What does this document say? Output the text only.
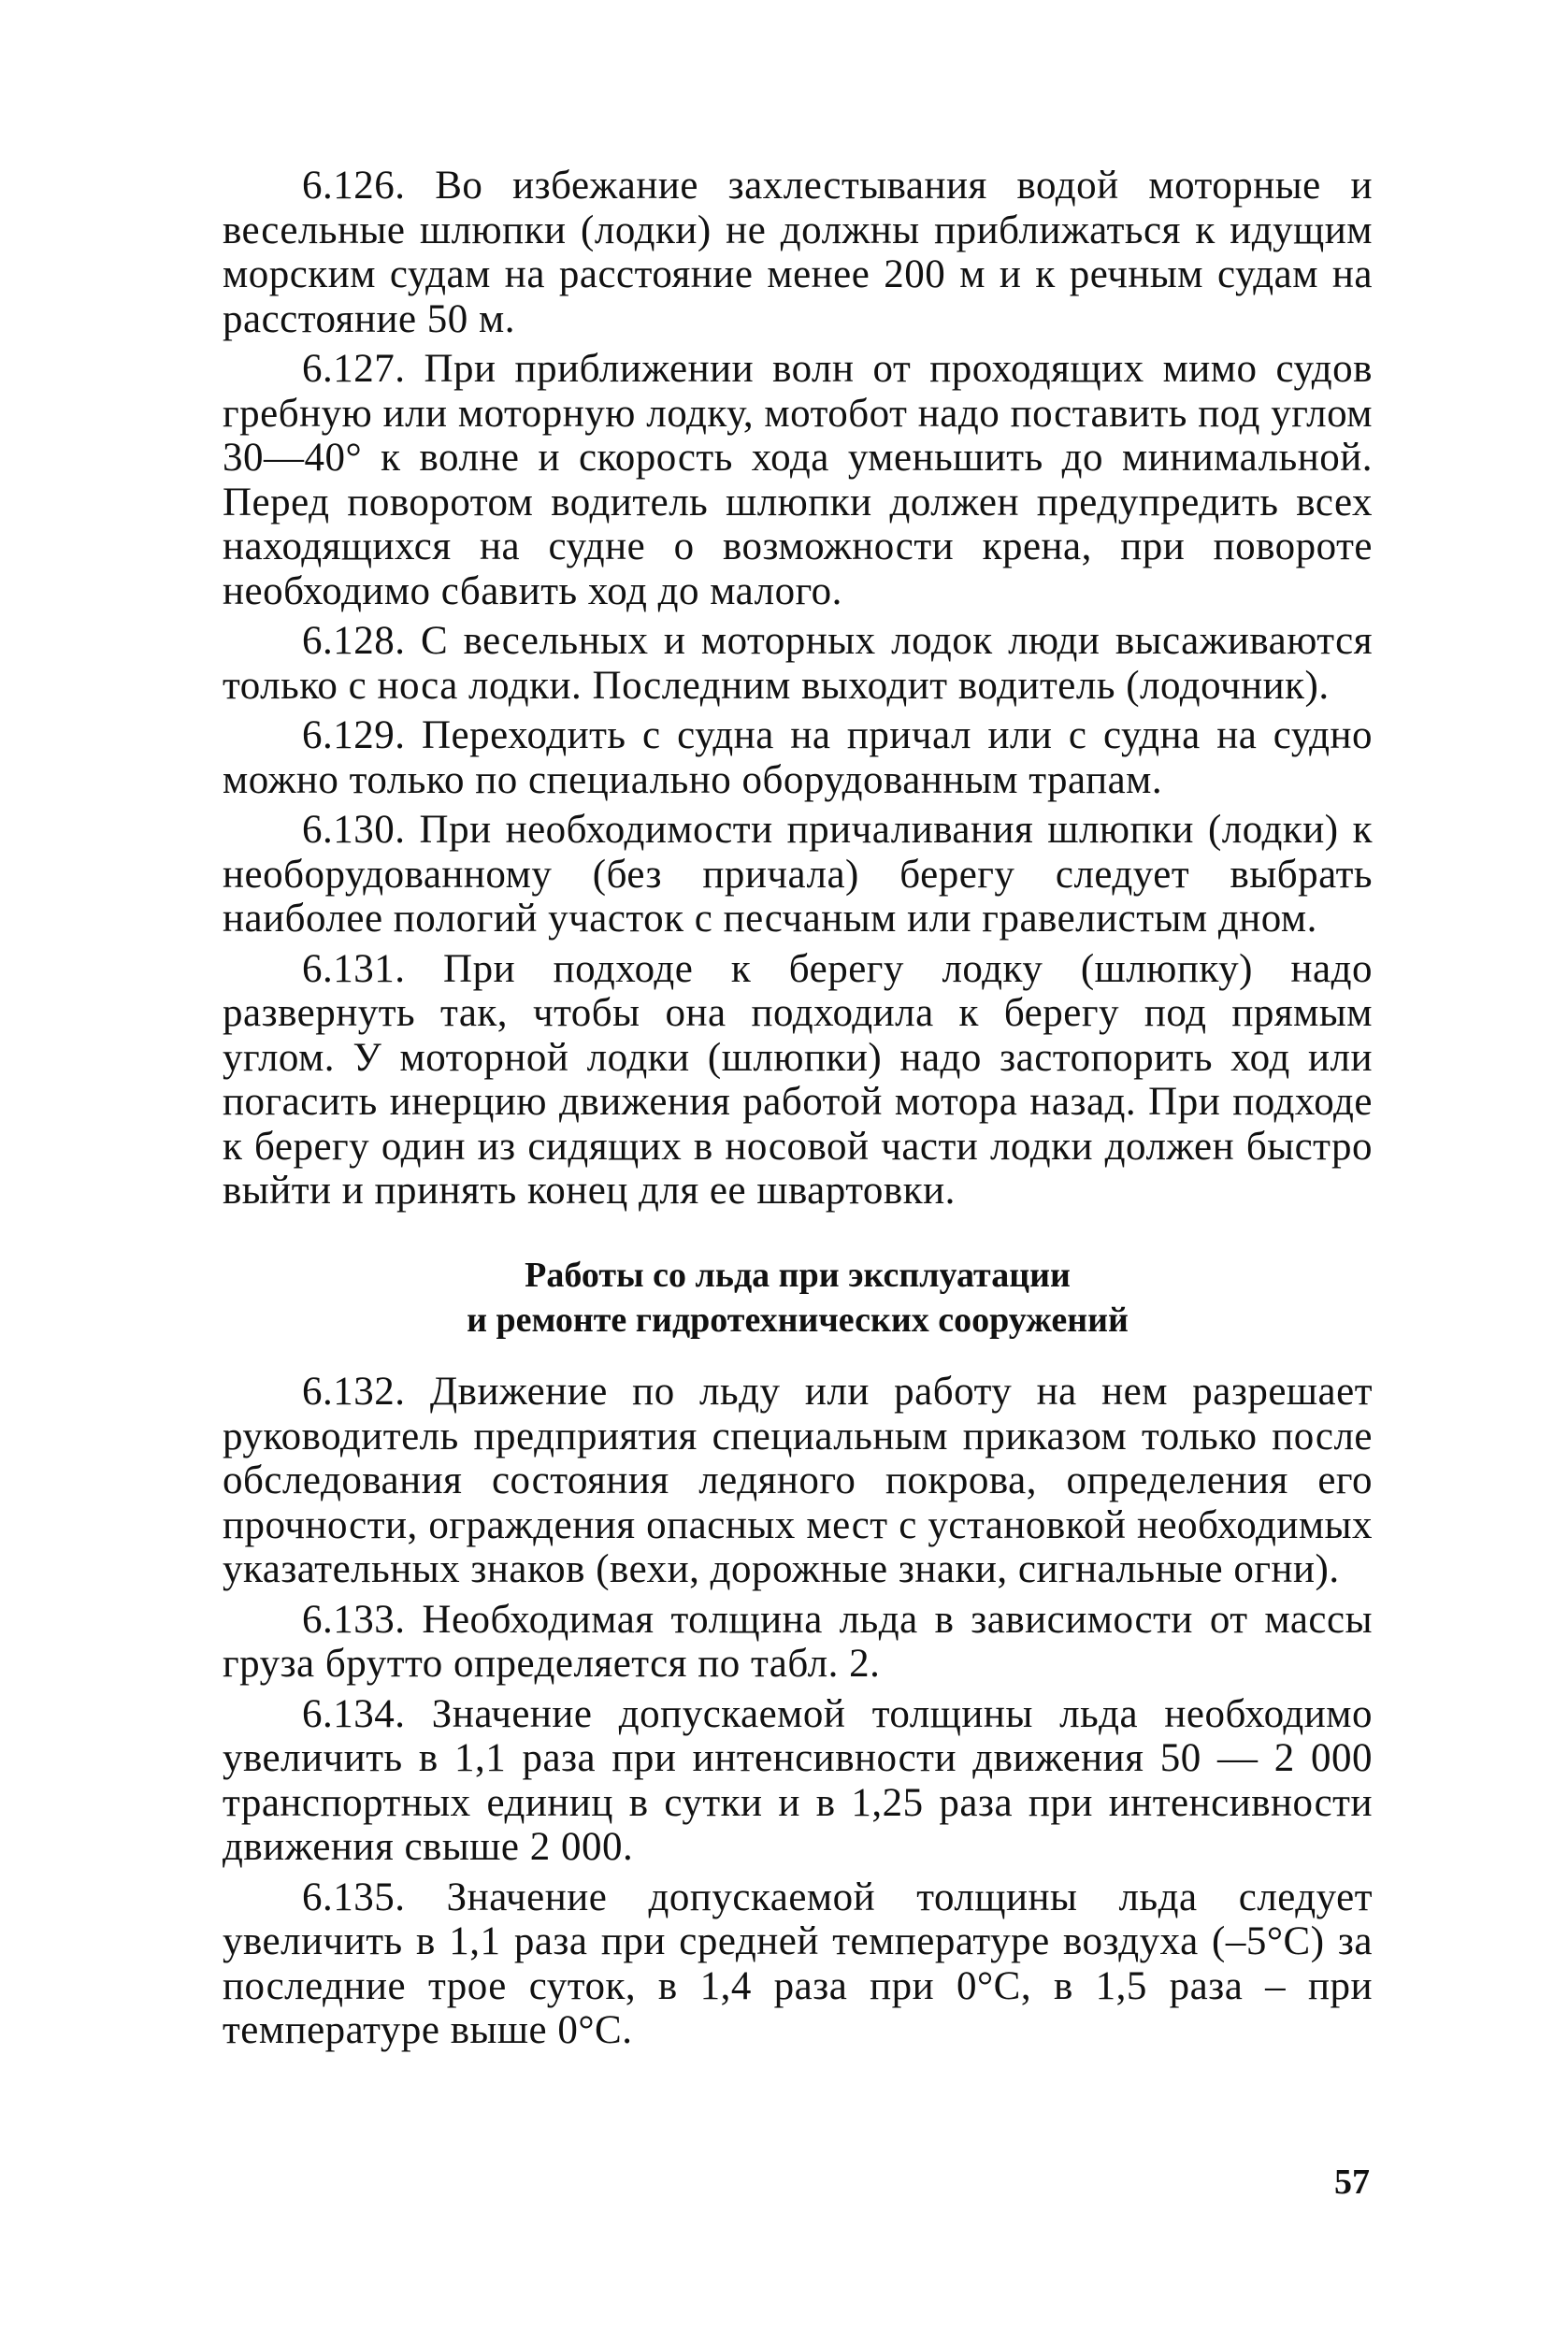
6.126. Во избежание захлестывания водой моторные и весельные шлюпки (лодки) не должны приближаться к идущим морским судам на расстояние менее 200 м и к речным судам на расстояние 50 м.

6.127. При приближении волн от проходящих мимо судов гребную или моторную лодку, мотобот надо поставить под углом 30—40° к волне и скорость хода уменьшить до минимальной. Перед поворотом водитель шлюпки должен предупредить всех находящихся на судне о возможности крена, при повороте необходимо сбавить ход до малого.

6.128. С весельных и моторных лодок люди высаживаются только с носа лодки. Последним выходит водитель (лодочник).

6.129. Переходить с судна на причал или с судна на судно можно только по специально оборудованным трапам.

6.130. При необходимости причаливания шлюпки (лодки) к необорудованному (без причала) берегу следует выбрать наиболее пологий участок с песчаным или гравелистым дном.

6.131. При подходе к берегу лодку (шлюпку) надо развернуть так, чтобы она подходила к берегу под прямым углом. У моторной лодки (шлюпки) надо застопорить ход или погасить инерцию движения работой мотора назад. При подходе к берегу один из сидящих в носовой части лодки должен быстро выйти и принять конец для ее швартовки.

Работы со льда при эксплуатации
и ремонте гидротехнических сооружений

6.132. Движение по льду или работу на нем разрешает руководитель предприятия специальным приказом только после обследования состояния ледяного покрова, определения его прочности, ограждения опасных мест с установкой необходимых указательных знаков (вехи, дорожные знаки, сигнальные огни).

6.133. Необходимая толщина льда в зависимости от массы груза брутто определяется по табл. 2.

6.134. Значение допускаемой толщины льда необходимо увеличить в 1,1 раза при интенсивности движения 50 — 2 000 транспортных единиц в сутки и в 1,25 раза при интенсивности движения свыше 2 000.

6.135. Значение допускаемой толщины льда следует увеличить в 1,1 раза при средней температуре воздуха (–5°С) за последние трое суток, в 1,4 раза при 0°С, в 1,5 раза – при температуре выше 0°С.

57
